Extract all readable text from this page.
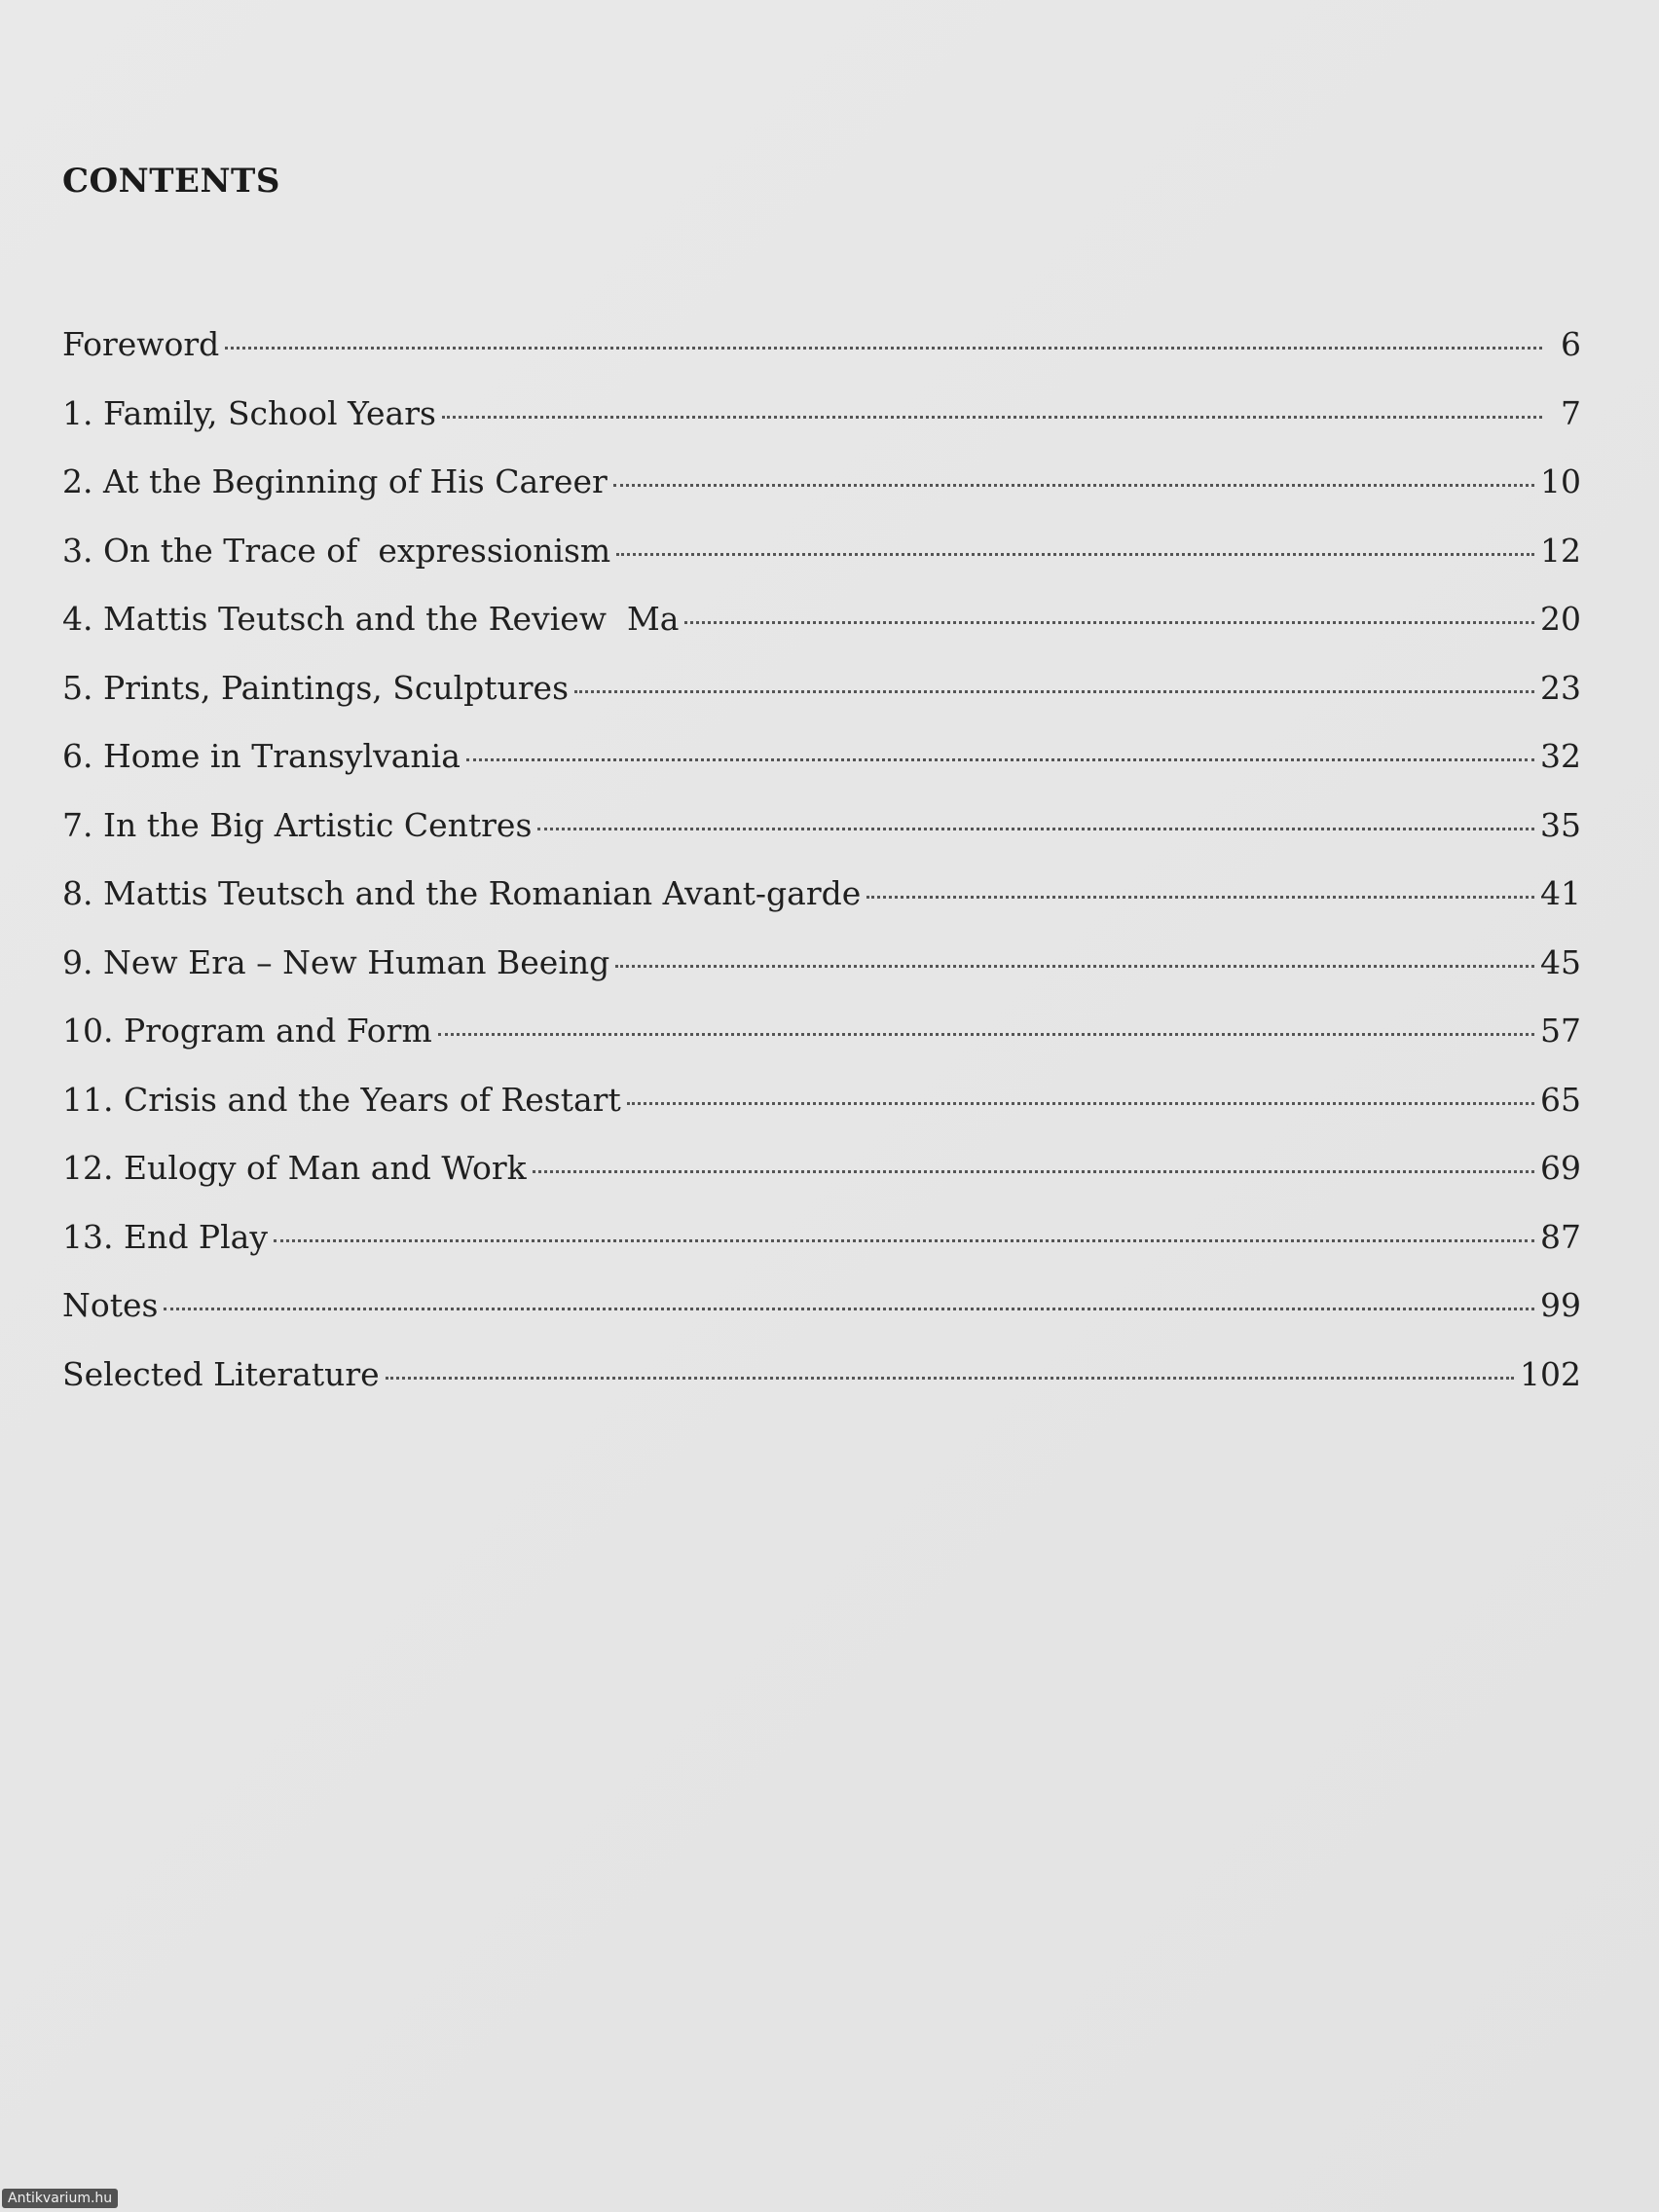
CONTENTS
Foreword	6
1. Family, School Years	7
2. At the Beginning of His Career	10
3. On the Trace of  expressionism	12
4. Mattis Teutsch and the Review  Ma	20
5. Prints, Paintings, Sculptures	23
6. Home in Transylvania	32
7. In the Big Artistic Centres	35
8. Mattis Teutsch and the Romanian Avant-garde	41
9. New Era – New Human Beeing	45
10. Program and Form	57
11. Crisis and the Years of Restart	65
12. Eulogy of Man and Work	69
13. End Play	87
Notes	99
Selected Literature	102
Antikvarium.hu
